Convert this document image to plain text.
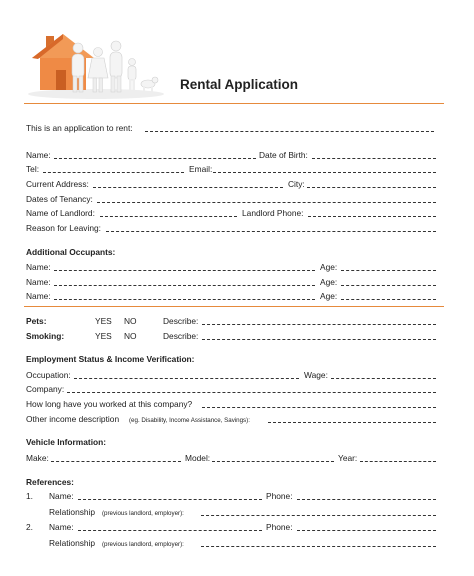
Rental Application
This is an application to rent:
Name:	Date of Birth:
Tel:	Email:
Current Address:	City:
Dates of Tenancy:
Name of Landlord:	Landlord Phone:
Reason for Leaving:
Additional Occupants:
Name:	Age:
Name:	Age:
Name:	Age:
Pets:	YES NO	Describe:
Smoking:	YES NO	Describe:
Employment Status & Income Verification:
Occupation:	Wage:
Company:
How long have you worked at this company?
Other income description (eg. Disability, Income Assistance, Savings):
Vehicle Information:
Make:	Model:	Year:
References:
1. Name:	Phone:
Relationship (previous landlord, employer):
2. Name:	Phone:
Relationship (previous landlord, employer):
